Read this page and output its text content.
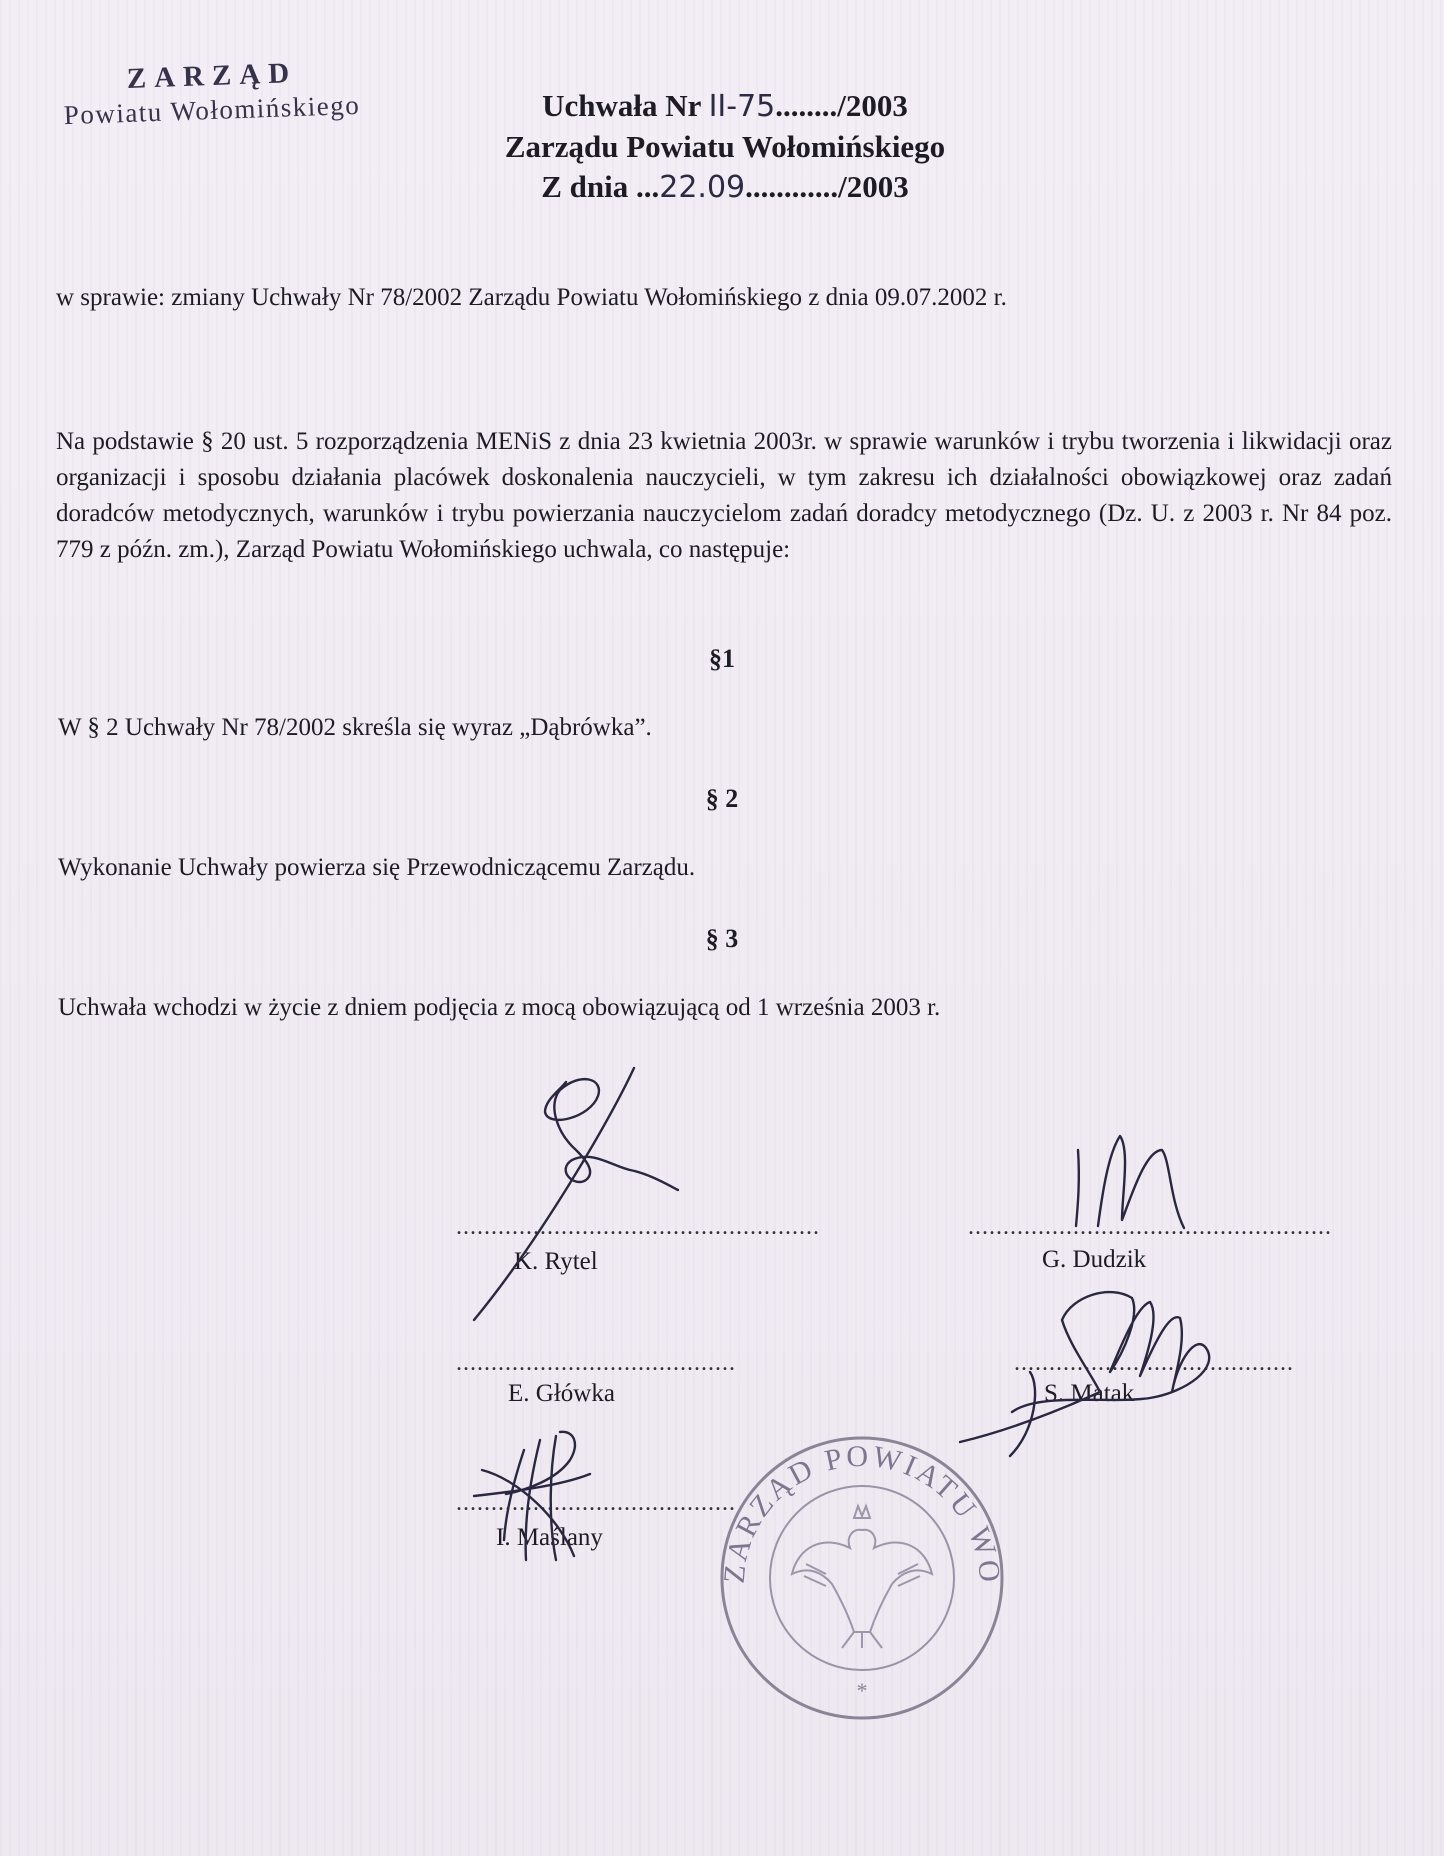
ZARZĄD
Powiatu Wołomińskiego	Uchwała Nr II-75......../2003
Zarządu Powiatu Wołomińskiego
Z dnia ...22.09............/2003
w sprawie: zmiany Uchwały Nr 78/2002 Zarządu Powiatu Wołomińskiego z dnia 09.07.2002 r.
Na podstawie § 20 ust. 5 rozporządzenia MENiS z dnia 23 kwietnia 2003r. w sprawie warunków i trybu tworzenia i likwidacji oraz organizacji i sposobu działania placówek doskonalenia nauczycieli, w tym zakresu ich działalności obowiązkowej oraz zadań doradców metodycznych, warunków i trybu powierzania nauczycielom zadań doradcy metodycznego (Dz. U. z 2003 r. Nr 84 poz. 779 z późn. zm.), Zarząd Powiatu Wołomińskiego uchwala, co następuje:
§1
W § 2 Uchwały Nr 78/2002 skreśla się wyraz „Dąbrówka”.
§ 2
Wykonanie Uchwały powierza się Przewodniczącemu Zarządu.
§ 3
Uchwała wchodzi w życie z dniem podjęcia z mocą obowiązującą od 1 września 2003 r.
....................................................	....................................................
........................................	........................................
........................................
K. Rytel	G. Dudzik
E. Główka	S. Matak
I. Maślany
ZARZĄD POWIATU WOŁOMIŃSKIEGO
*
